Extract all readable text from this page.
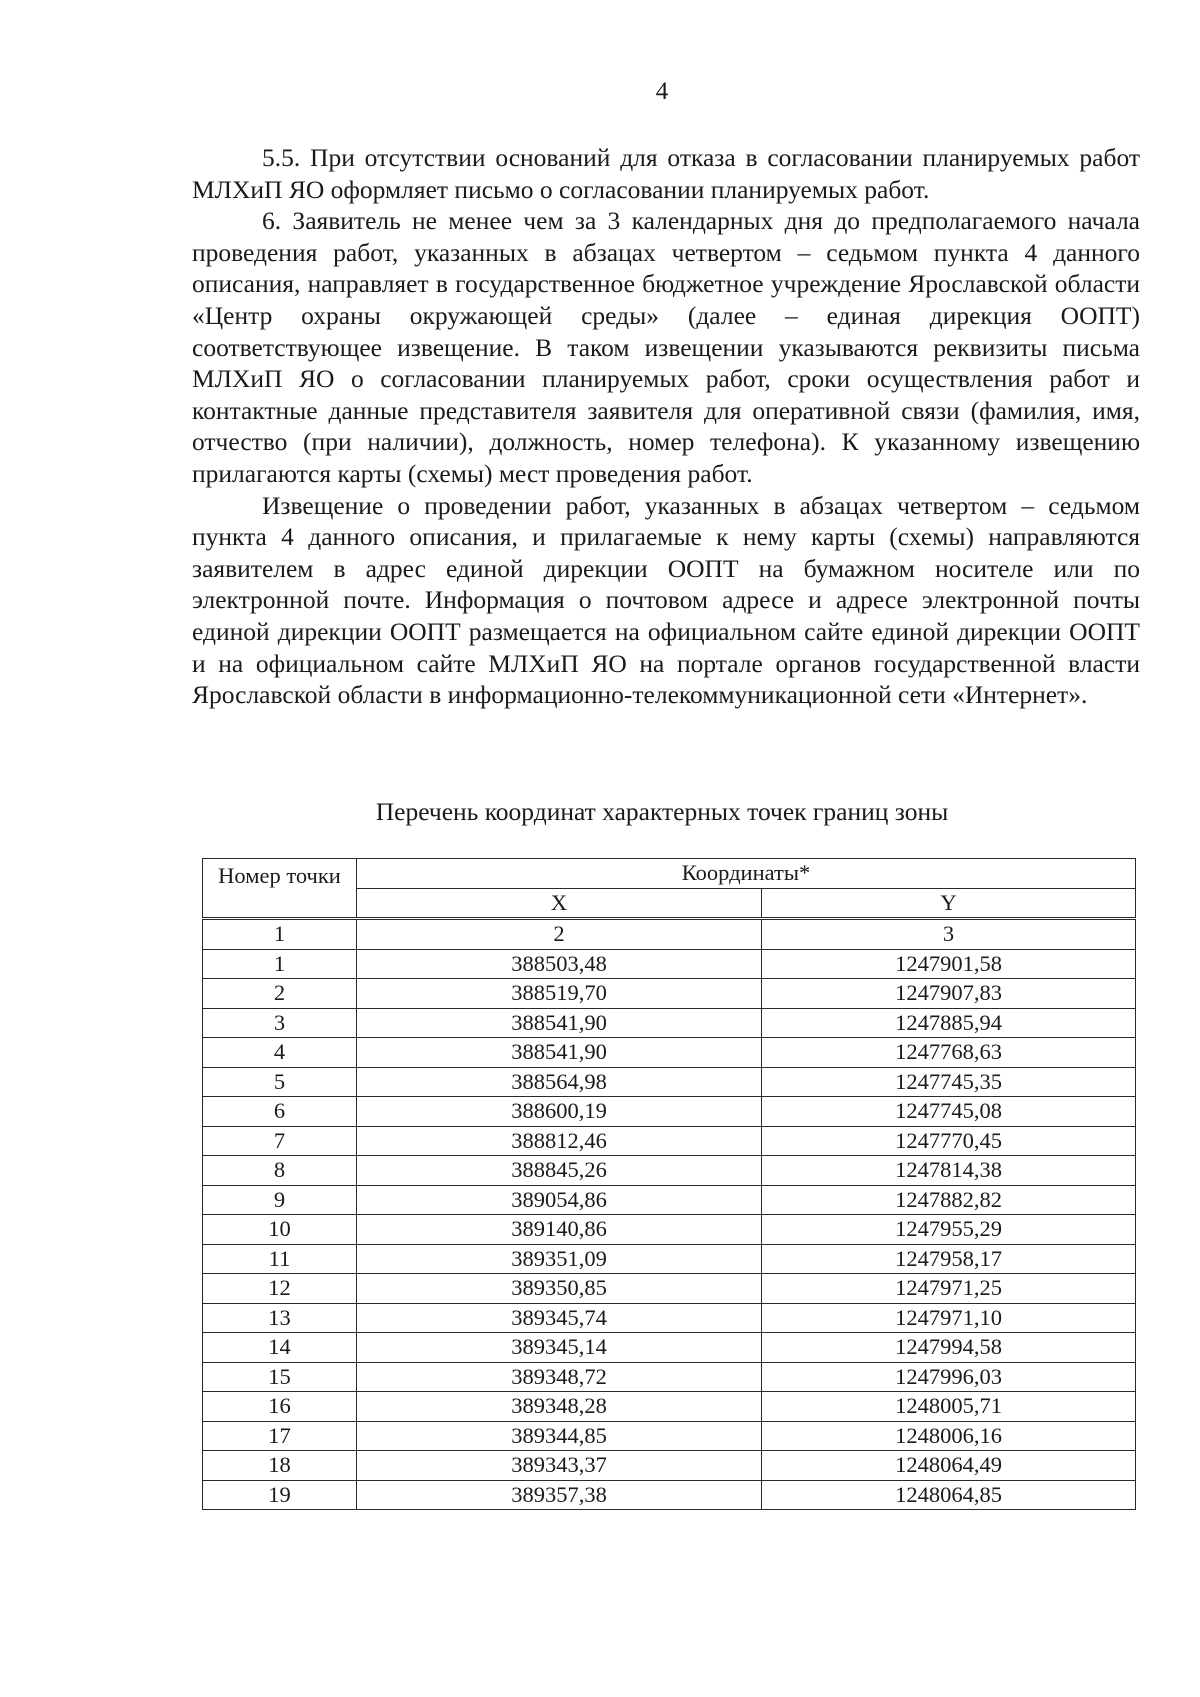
4

5.5. При отсутствии оснований для отказа в согласовании планируемых работ МЛХиП ЯО оформляет письмо о согласовании планируемых работ.

6. Заявитель не менее чем за 3 календарных дня до предполагаемого начала проведения работ, указанных в абзацах четвертом – седьмом пункта 4 данного описания, направляет в государственное бюджетное учреждение Ярославской области «Центр охраны окружающей среды» (далее – единая дирекция ООПТ) соответствующее извещение. В таком извещении указываются реквизиты письма МЛХиП ЯО о согласовании планируемых работ, сроки осуществления работ и контактные данные представителя заявителя для оперативной связи (фамилия, имя, отчество (при наличии), должность, номер телефона). К указанному извещению прилагаются карты (схемы) мест проведения работ.

Извещение о проведении работ, указанных в абзацах четвертом – седьмом пункта 4 данного описания, и прилагаемые к нему карты (схемы) направляются заявителем в адрес единой дирекции ООПТ на бумажном носителе или по электронной почте. Информация о почтовом адресе и адресе электронной почты единой дирекции ООПТ размещается на официальном сайте единой дирекции ООПТ и на официальном сайте МЛХиП ЯО на портале органов государственной власти Ярославской области в информационно-телекоммуникационной сети «Интернет».

Перечень координат характерных точек границ зоны
Номер точки	Координаты*	
	X	Y
1	2	3
1	388503,48	1247901,58
2	388519,70	1247907,83
3	388541,90	1247885,94
4	388541,90	1247768,63
5	388564,98	1247745,35
6	388600,19	1247745,08
7	388812,46	1247770,45
8	388845,26	1247814,38
9	389054,86	1247882,82
10	389140,86	1247955,29
11	389351,09	1247958,17
12	389350,85	1247971,25
13	389345,74	1247971,10
14	389345,14	1247994,58
15	389348,72	1247996,03
16	389348,28	1248005,71
17	389344,85	1248006,16
18	389343,37	1248064,49
19	389357,38	1248064,85
